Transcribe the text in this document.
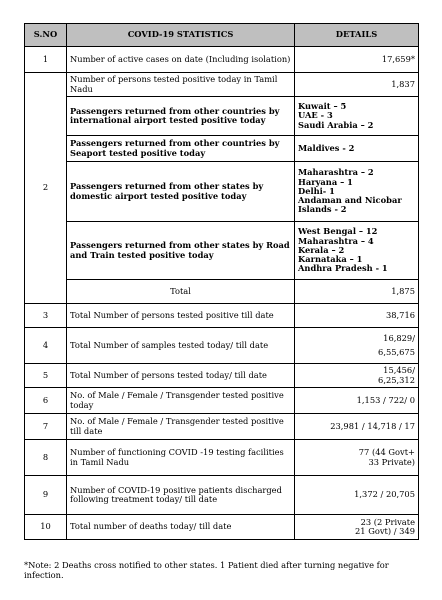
S.NO	COVID-19 STATISTICS	DETAILS
1	Number of active cases on date (Including isolation)	17,659*
2	Number of persons tested positive today in Tamil Nadu	1,837
	Passengers returned from other countries by international airport tested positive today	Kuwait – 5
UAE - 3
Saudi Arabia – 2

	Passengers returned from other countries by Seaport tested positive today	Maldives - 2

	Passengers returned from other states by domestic airport tested positive today	Maharashtra – 2
Haryana – 1
Delhi- 1
Andaman and Nicobar Islands - 2

	Passengers returned from other states by Road and Train tested positive today	West Bengal – 12
Maharashtra – 4
Kerala – 2
Karnataka – 1
Andhra Pradesh - 1

	Total	1,875
3	Total Number of persons tested positive till date	38,716
4	Total Number of samples tested today/ till date	16,829/
6,55,675

5	Total Number of persons tested today/ till date	15,456/
6,25,312

6	No. of Male / Female / Transgender tested positive today	1,153 / 722/ 0
7	No. of Male / Female / Transgender tested positive till date	23,981 / 14,718 / 17
8	Number of functioning COVID -19 testing facilities in Tamil Nadu	77 (44 Govt+
33 Private)

9	Number of COVID-19 positive patients discharged following treatment today/ till date	1,372 / 20,705
10	Total number of deaths today/ till date	23 (2 Private
21 Govt) / 349
*Note: 2 Deaths cross notified to other states. 1 Patient died after turning negative for infection.
